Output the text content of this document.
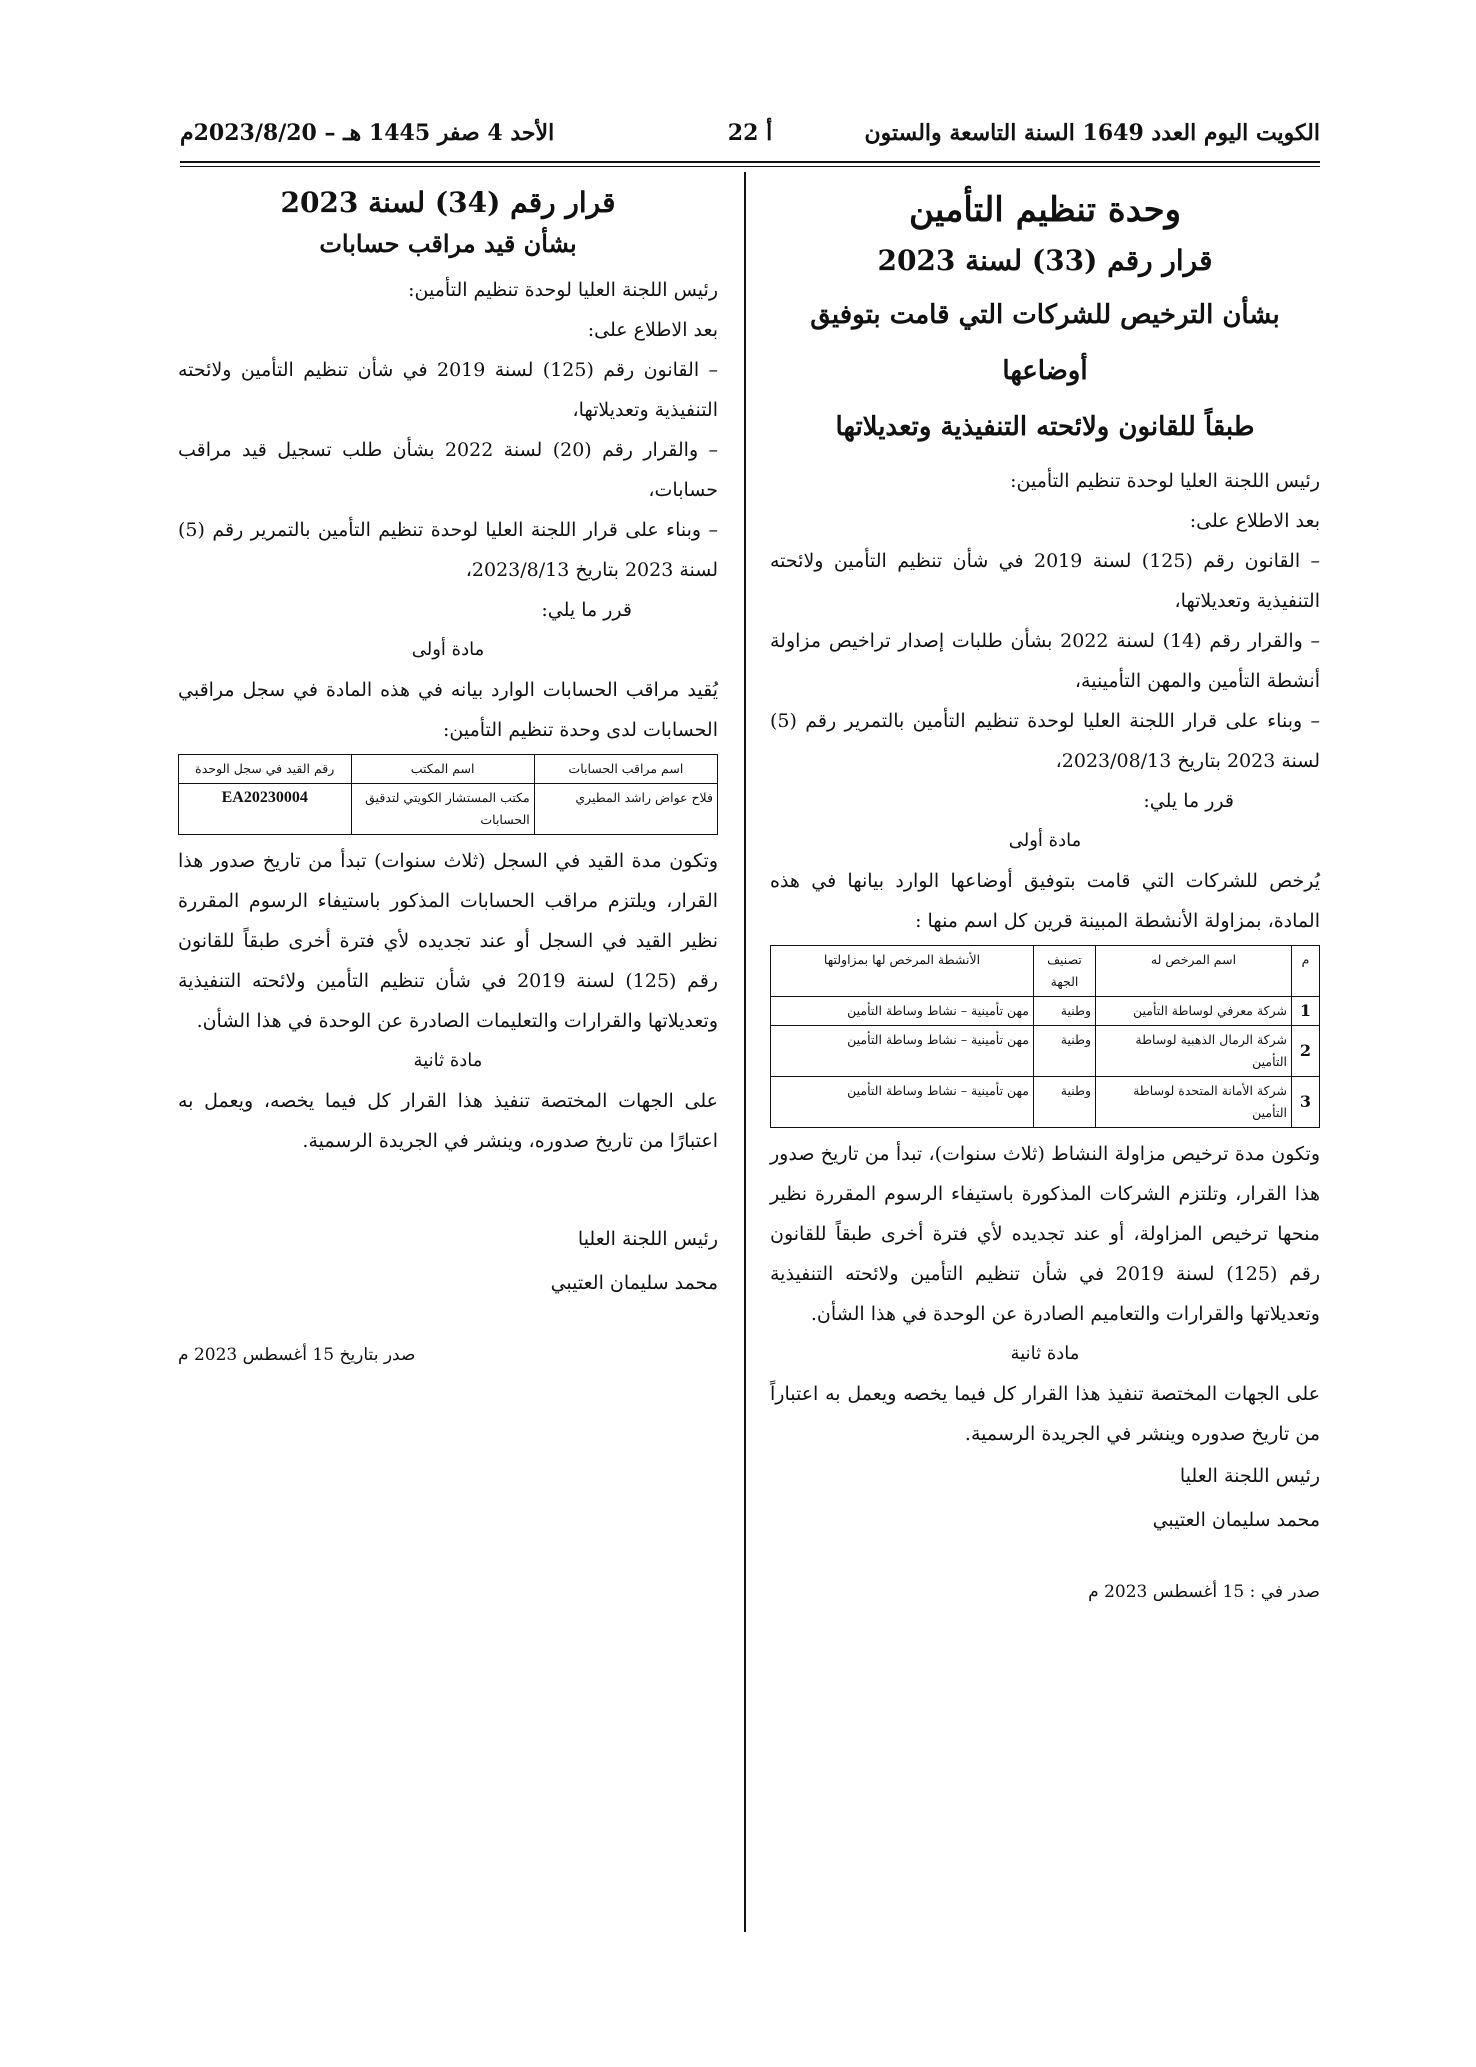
الكويت اليوم العدد 1649 السنة التاسعة والستون
أ 22
الأحد 4 صفر 1445 هـ – 2023/8/20م
وحدة تنظيم التأمين
قرار رقم (33) لسنة 2023
بشأن الترخيص للشركات التي قامت بتوفيق أوضاعها
طبقاً للقانون ولائحته التنفيذية وتعديلاتها

رئيس اللجنة العليا لوحدة تنظيم التأمين:

بعد الاطلاع على:

– القانون رقم (125) لسنة 2019 في شأن تنظيم التأمين ولائحته التنفيذية وتعديلاتها،

– والقرار رقم (14) لسنة 2022 بشأن طلبات إصدار تراخيص مزاولة أنشطة التأمين والمهن التأمينية،

– وبناء على قرار اللجنة العليا لوحدة تنظيم التأمين بالتمرير رقم (5) لسنة 2023 بتاريخ 2023/08/13،

قرر ما يلي:
مادة أولى

يُرخص للشركات التي قامت بتوفيق أوضاعها الوارد بيانها في هذه المادة، بمزاولة الأنشطة المبينة قرين كل اسم منها :

م	اسم المرخص له	تصنيف الجهة	الأنشطة المرخص لها بمزاولتها
1	شركة معرفي لوساطة التأمين	وطنية	مهن تأمينية – نشاط وساطة التأمين
2	شركة الرمال الذهبية لوساطة التأمين	وطنية	مهن تأمينية – نشاط وساطة التأمين
3	شركة الأمانة المتحدة لوساطة التأمين	وطنية	مهن تأمينية – نشاط وساطة التأمين

وتكون مدة ترخيص مزاولة النشاط (ثلاث سنوات)، تبدأ من تاريخ صدور هذا القرار، وتلتزم الشركات المذكورة باستيفاء الرسوم المقررة نظير منحها ترخيص المزاولة، أو عند تجديده لأي فترة أخرى طبقاً للقانون رقم (125) لسنة 2019 في شأن تنظيم التأمين ولائحته التنفيذية وتعديلاتها والقرارات والتعاميم الصادرة عن الوحدة في هذا الشأن.

مادة ثانية

على الجهات المختصة تنفيذ هذا القرار كل فيما يخصه ويعمل به اعتباراً من تاريخ صدوره وينشر في الجريدة الرسمية.

رئيس اللجنة العليا
محمد سليمان العتيبي
صدر في : 15 أغسطس 2023 م
قرار رقم (34) لسنة 2023
بشأن قيد مراقب حسابات

رئيس اللجنة العليا لوحدة تنظيم التأمين:

بعد الاطلاع على:

– القانون رقم (125) لسنة 2019 في شأن تنظيم التأمين ولائحته التنفيذية وتعديلاتها،

– والقرار رقم (20) لسنة 2022 بشأن طلب تسجيل قيد مراقب حسابات،

– وبناء على قرار اللجنة العليا لوحدة تنظيم التأمين بالتمرير رقم (5) لسنة 2023 بتاريخ 2023/8/13،

قرر ما يلي:
مادة أولى

يُقيد مراقب الحسابات الوارد بيانه في هذه المادة في سجل مراقبي الحسابات لدى وحدة تنظيم التأمين:

اسم مراقب الحسابات	اسم المكتب	رقم القيد في سجل الوحدة
فلاح عواض راشد المطيري	مكتب المستشار الكويتي لتدقيق الحسابات	EA20230004

وتكون مدة القيد في السجل (ثلاث سنوات) تبدأ من تاريخ صدور هذا القرار، ويلتزم مراقب الحسابات المذكور باستيفاء الرسوم المقررة نظير القيد في السجل أو عند تجديده لأي فترة أخرى طبقاً للقانون رقم (125) لسنة 2019 في شأن تنظيم التأمين ولائحته التنفيذية وتعديلاتها والقرارات والتعليمات الصادرة عن الوحدة في هذا الشأن.

مادة ثانية

على الجهات المختصة تنفيذ هذا القرار كل فيما يخصه، ويعمل به اعتبارًا من تاريخ صدوره، وينشر في الجريدة الرسمية.

رئيس اللجنة العليا
محمد سليمان العتيبي
صدر بتاريخ 15 أغسطس 2023 م
